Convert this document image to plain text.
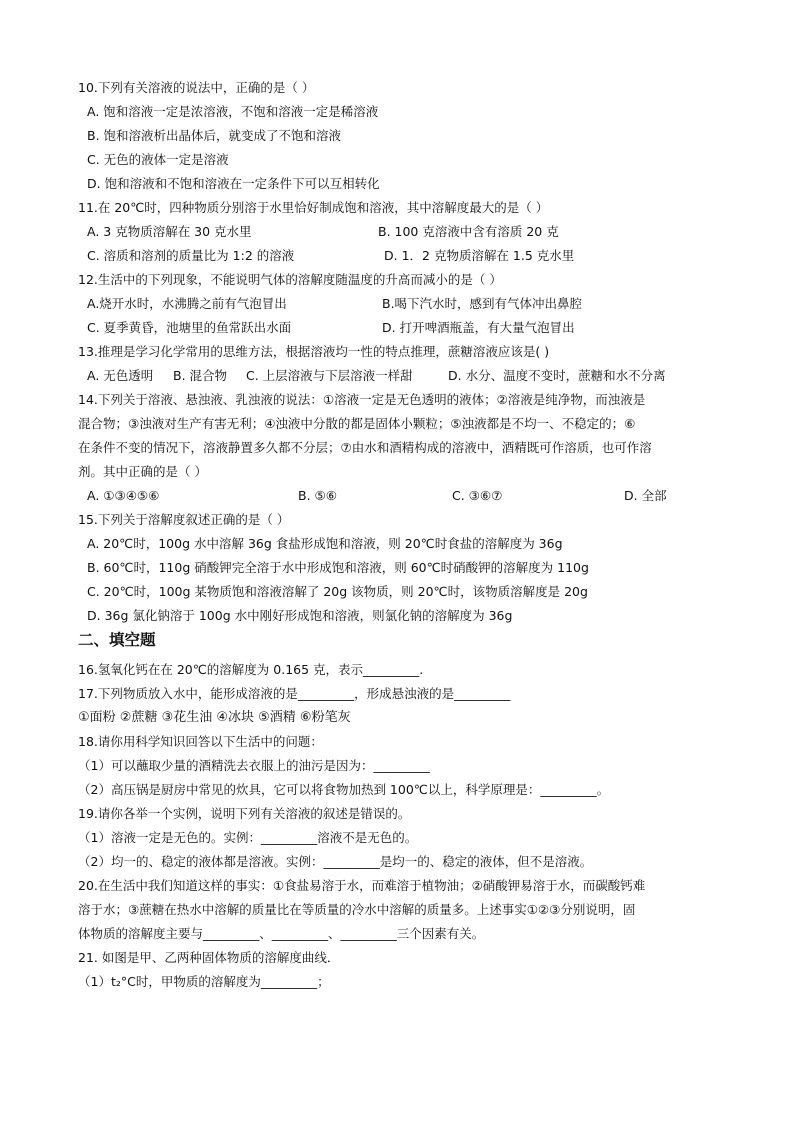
10.下列有关溶液的说法中，正确的是（ ）
A. 饱和溶液一定是浓溶液，不饱和溶液一定是稀溶液
B. 饱和溶液析出晶体后，就变成了不饱和溶液
C. 无色的液体一定是溶液
D. 饱和溶液和不饱和溶液在一定条件下可以互相转化
11.在 20℃时，四种物质分别溶于水里恰好制成饱和溶液，其中溶解度最大的是（ ）
A. 3 克物质溶解在 30 克水里	B. 100 克溶液中含有溶质 20 克
C. 溶质和溶剂的质量比为 1:2 的溶液	D. 1．2 克物质溶解在 1.5 克水里
12.生活中的下列现象，不能说明气体的溶解度随温度的升高而减小的是（ ）
A.烧开水时，水沸腾之前有气泡冒出	B.喝下汽水时，感到有气体冲出鼻腔
C. 夏季黄昏，池塘里的鱼常跃出水面	D. 打开啤酒瓶盖，有大量气泡冒出
13.推理是学习化学常用的思维方法，根据溶液均一性的特点推理，蔗糖溶液应该是( )
A. 无色透明 B. 混合物 C. 上层溶液与下层溶液一样甜	D. 水分、温度不变时，蔗糖和水不分离
14.下列关于溶液、悬浊液、乳浊液的说法：①溶液一定是无色透明的液体；②溶液是纯净物，而浊液是
混合物；③浊液对生产有害无利；④浊液中分散的都是固体小颗粒；⑤浊液都是不均一、不稳定的；⑥
在条件不变的情况下，溶液静置多久都不分层；⑦由水和酒精构成的溶液中，酒精既可作溶质，也可作溶
剂。其中正确的是（ ）
A. ①③④⑤⑥	B. ⑤⑥	C. ③⑥⑦	D. 全部
15.下列关于溶解度叙述正确的是（ ）
A. 20℃时，100g 水中溶解 36g 食盐形成饱和溶液，则 20℃时食盐的溶解度为 36g
B. 60℃时，110g 硝酸钾完全溶于水中形成饱和溶液，则 60℃时硝酸钾的溶解度为 110g
C. 20℃时，100g 某物质饱和溶液溶解了 20g 该物质，则 20℃时，该物质溶解度是 20g
D. 36g 氯化钠溶于 100g 水中刚好形成饱和溶液，则氯化钠的溶解度为 36g
二、填空题
16.氢氧化钙在在 20℃的溶解度为 0.165 克，表示_________.
17.下列物质放入水中，能形成溶液的是_________，形成悬浊液的是_________
①面粉 ②蔗糖 ③花生油 ④冰块 ⑤酒精 ⑥粉笔灰
18.请你用科学知识回答以下生活中的问题：
（1）可以蘸取少量的酒精洗去衣服上的油污是因为：_________
（2）高压锅是厨房中常见的炊具，它可以将食物加热到 100℃以上，科学原理是：_________。
19.请你各举一个实例，说明下列有关溶液的叙述是错误的。
（1）溶液一定是无色的。实例：_________溶液不是无色的。
（2）均一的、稳定的液体都是溶液。实例：_________是均一的、稳定的液体，但不是溶液。
20.在生活中我们知道这样的事实：①食盐易溶于水，而难溶于植物油；②硝酸钾易溶于水，而碳酸钙难
溶于水；③蔗糖在热水中溶解的质量比在等质量的冷水中溶解的质量多。上述事实①②③分别说明，固
体物质的溶解度主要与_________、_________、_________三个因素有关。
21. 如图是甲、乙两种固体物质的溶解度曲线．
（1）t₂°C时，甲物质的溶解度为_________；
